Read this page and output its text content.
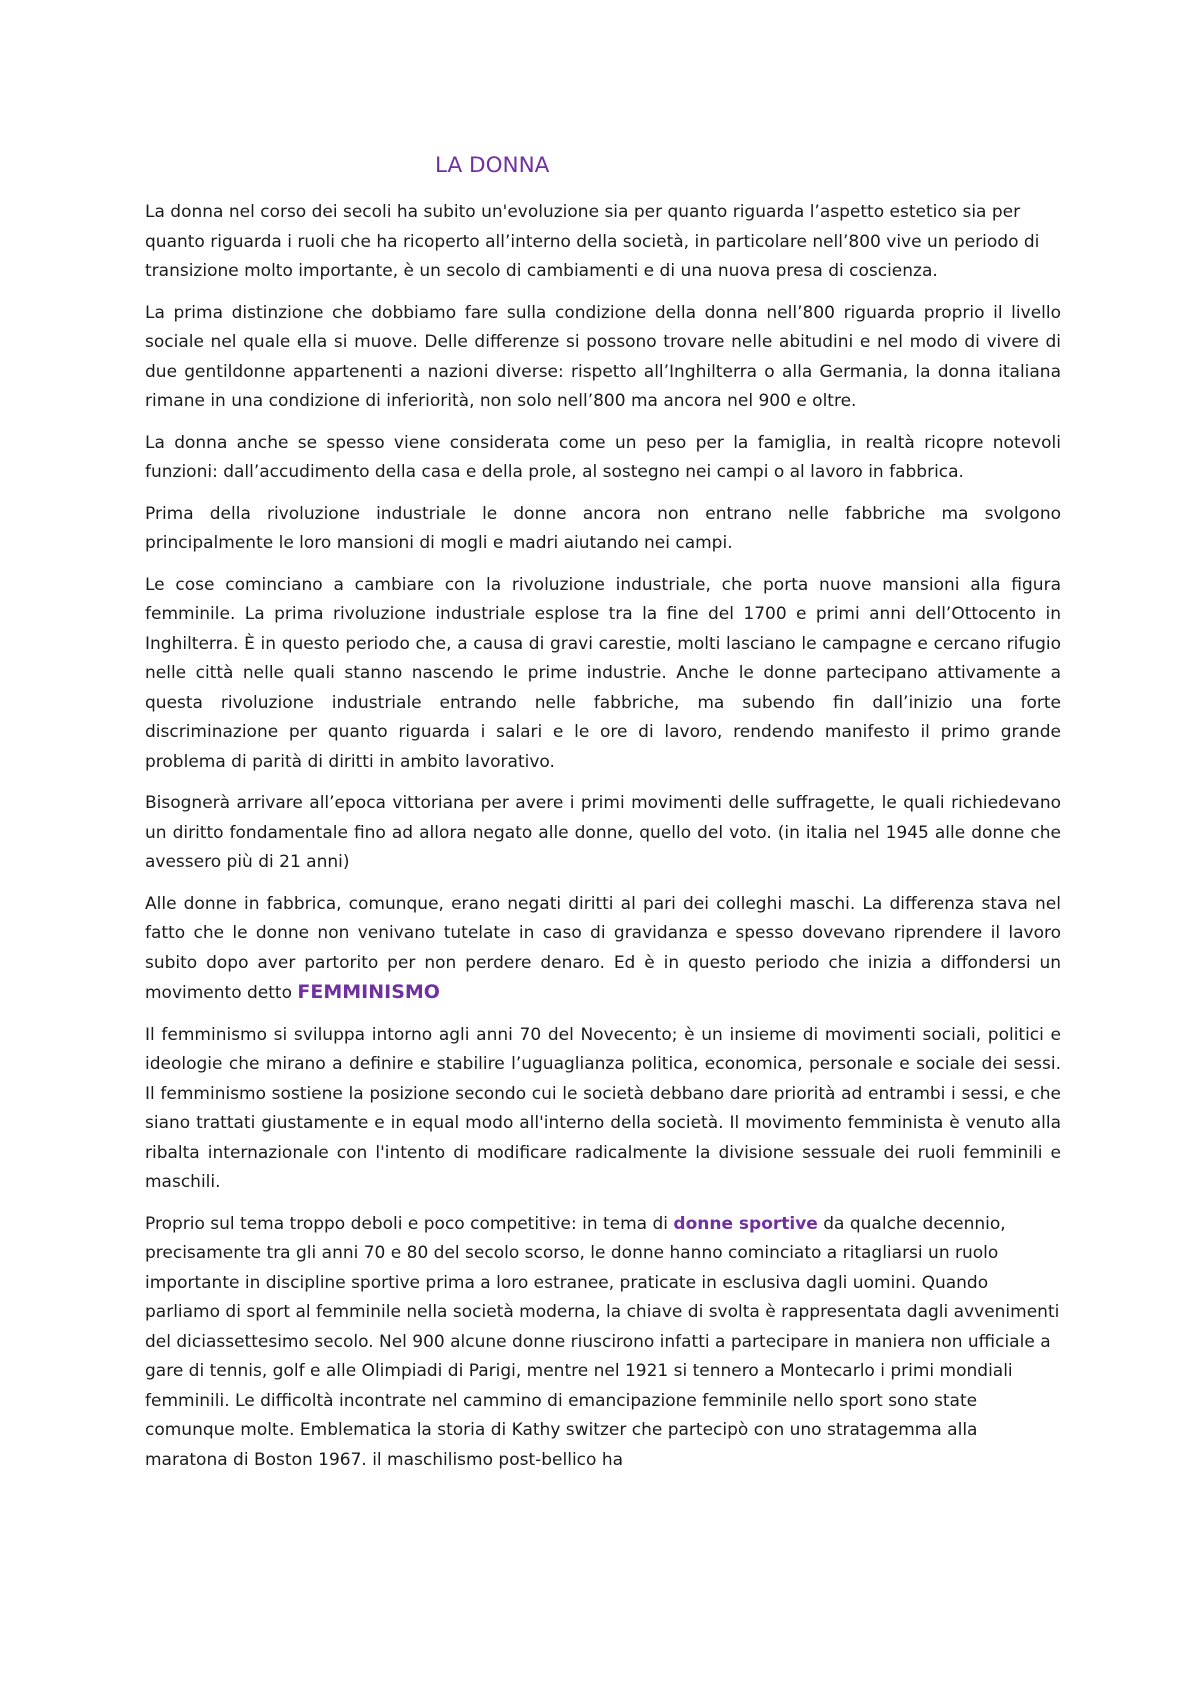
LA DONNA

La donna nel corso dei secoli ha subito un'evoluzione sia per quanto riguarda l’aspetto estetico sia per quanto riguarda i ruoli che ha ricoperto all’interno della società, in particolare nell’800 vive un periodo di transizione molto importante, è un secolo di cambiamenti e di una nuova presa di coscienza.

La prima distinzione che dobbiamo fare sulla condizione della donna nell’800 riguarda proprio il livello sociale nel quale ella si muove. Delle differenze si possono trovare nelle abitudini e nel modo di vivere di due gentildonne appartenenti a nazioni diverse: rispetto all’Inghilterra o alla Germania, la donna italiana rimane in una condizione di inferiorità, non solo nell’800 ma ancora nel 900 e oltre.

La donna anche se spesso viene considerata come un peso per la famiglia, in realtà ricopre notevoli funzioni: dall’accudimento della casa e della prole, al sostegno nei campi o al lavoro in fabbrica.

Prima della rivoluzione industriale le donne ancora non entrano nelle fabbriche ma svolgono principalmente le loro mansioni di mogli e madri aiutando nei campi.

Le cose cominciano a cambiare con la rivoluzione industriale, che porta nuove mansioni alla figura femminile. La prima rivoluzione industriale esplose tra la fine del 1700 e primi anni dell’Ottocento in Inghilterra. È in questo periodo che, a causa di gravi carestie, molti lasciano le campagne e cercano rifugio nelle città nelle quali stanno nascendo le prime industrie. Anche le donne partecipano attivamente a questa rivoluzione industriale entrando nelle fabbriche, ma subendo fin dall’inizio una forte discriminazione per quanto riguarda i salari e le ore di lavoro, rendendo manifesto il primo grande problema di parità di diritti in ambito lavorativo.

Bisognerà arrivare all’epoca vittoriana per avere i primi movimenti delle suffragette, le quali richiedevano un diritto fondamentale fino ad allora negato alle donne, quello del voto. (in italia nel 1945 alle donne che avessero più di 21 anni)

Alle donne in fabbrica, comunque, erano negati diritti al pari dei colleghi maschi. La differenza stava nel fatto che le donne non venivano tutelate in caso di gravidanza e spesso dovevano riprendere il lavoro subito dopo aver partorito per non perdere denaro. Ed è in questo periodo che inizia a diffondersi un movimento detto FEMMINISMO

Il femminismo si sviluppa intorno agli anni 70 del Novecento; è un insieme di movimenti sociali, politici e ideologie che mirano a definire e stabilire l’uguaglianza politica, economica, personale e sociale dei sessi. Il femminismo sostiene la posizione secondo cui le società debbano dare priorità ad entrambi i sessi, e che siano trattati giustamente e in equal modo all'interno della società. Il movimento femminista è venuto alla ribalta internazionale con l'intento di modificare radicalmente la divisione sessuale dei ruoli femminili e maschili.

Proprio sul tema troppo deboli e poco competitive: in tema di donne sportive da qualche decennio, precisamente tra gli anni 70 e 80 del secolo scorso, le donne hanno cominciato a ritagliarsi un ruolo importante in discipline sportive prima a loro estranee, praticate in esclusiva dagli uomini. Quando parliamo di sport al femminile nella società moderna, la chiave di svolta è rappresentata dagli avvenimenti del diciassettesimo secolo. Nel 900 alcune donne riuscirono infatti a partecipare in maniera non ufficiale a gare di tennis, golf e alle Olimpiadi di Parigi, mentre nel 1921 si tennero a Montecarlo i primi mondiali femminili. Le difficoltà incontrate nel cammino di emancipazione femminile nello sport sono state comunque molte. Emblematica la storia di Kathy switzer che partecipò con uno stratagemma alla maratona di Boston 1967. il maschilismo post-bellico ha
